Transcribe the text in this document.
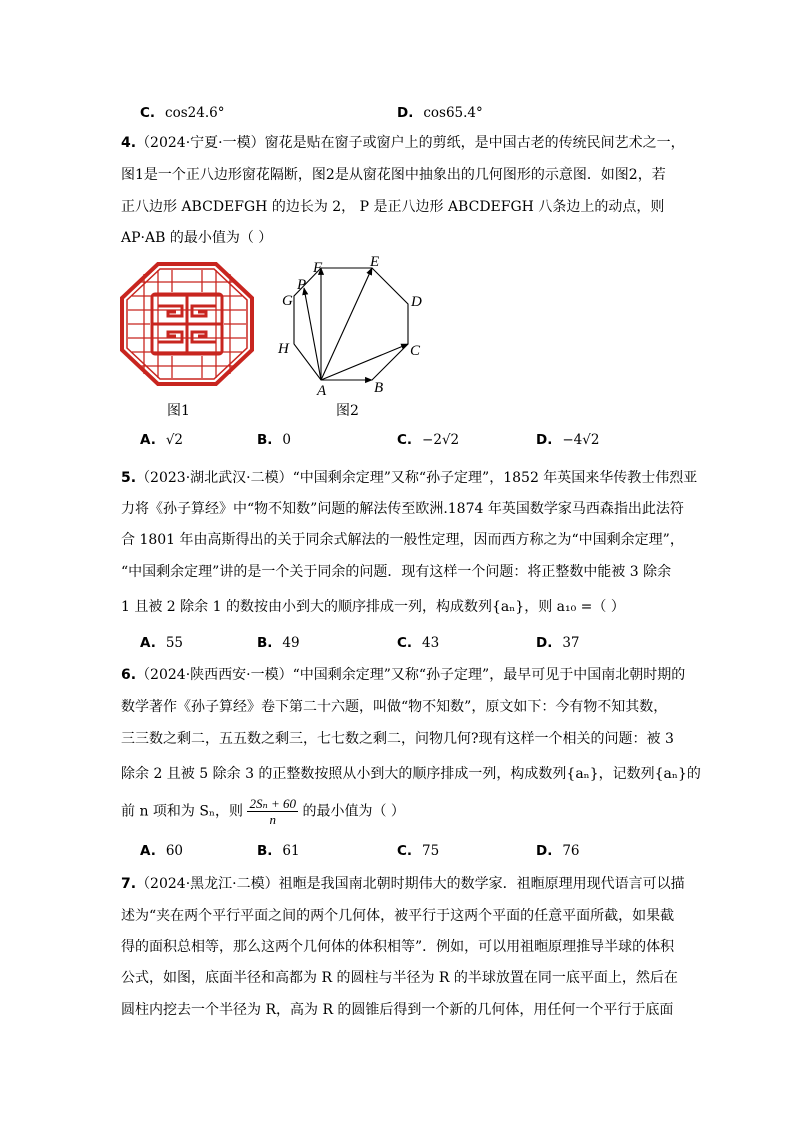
C. cos24.6°	D. cos65.4°
4.（2024·宁夏·一模）窗花是贴在窗子或窗户上的剪纸，是中国古老的传统民间艺术之一，
图1是一个正八边形窗花隔断，图2是从窗花图中抽象出的几何图形的示意图．如图2，若
正八边形 ABCDEFGH 的边长为 2， P 是正八边形 ABCDEFGH 八条边上的动点，则
AP·AB 的最小值为（ ）
图1
A	B
C
D
E
F
G
H
P
图2
A. √2	B. 0	C. −2√2	D. −4√2
5.（2023·湖北武汉·二模）“中国剩余定理”又称“孙子定理”，1852 年英国来华传教士伟烈亚
力将《孙子算经》中“物不知数”问题的解法传至欧洲.1874 年英国数学家马西森指出此法符
合 1801 年由高斯得出的关于同余式解法的一般性定理，因而西方称之为“中国剩余定理”，
“中国剩余定理”讲的是一个关于同余的问题．现有这样一个问题：将正整数中能被 3 除余
1 且被 2 除余 1 的数按由小到大的顺序排成一列，构成数列{aₙ}，则 a₁₀ =（ ）
A. 55	B. 49	C. 43	D. 37
6.（2024·陕西西安·一模）“中国剩余定理”又称“孙子定理”，最早可见于中国南北朝时期的
数学著作《孙子算经》卷下第二十六题，叫做“物不知数”，原文如下：今有物不知其数，
三三数之剩二，五五数之剩三，七七数之剩二，问物几何?现有这样一个相关的问题：被 3
除余 2 且被 5 除余 3 的正整数按照从小到大的顺序排成一列，构成数列{aₙ}，记数列{aₙ}的
前 n 项和为 Sₙ，则 $\frac{\text{2Sₙ + 60}}{n}$ 的最小值为（ ）
A. 60	B. 61	C. 75	D. 76
7.（2024·黑龙江·二模）祖暅是我国南北朝时期伟大的数学家．祖暅原理用现代语言可以描
述为“夹在两个平行平面之间的两个几何体，被平行于这两个平面的任意平面所截，如果截
得的面积总相等，那么这两个几何体的体积相等”．例如，可以用祖暅原理推导半球的体积
公式，如图，底面半径和高都为 R 的圆柱与半径为 R 的半球放置在同一底平面上，然后在
圆柱内挖去一个半径为 R，高为 R 的圆锥后得到一个新的几何体，用任何一个平行于底面
